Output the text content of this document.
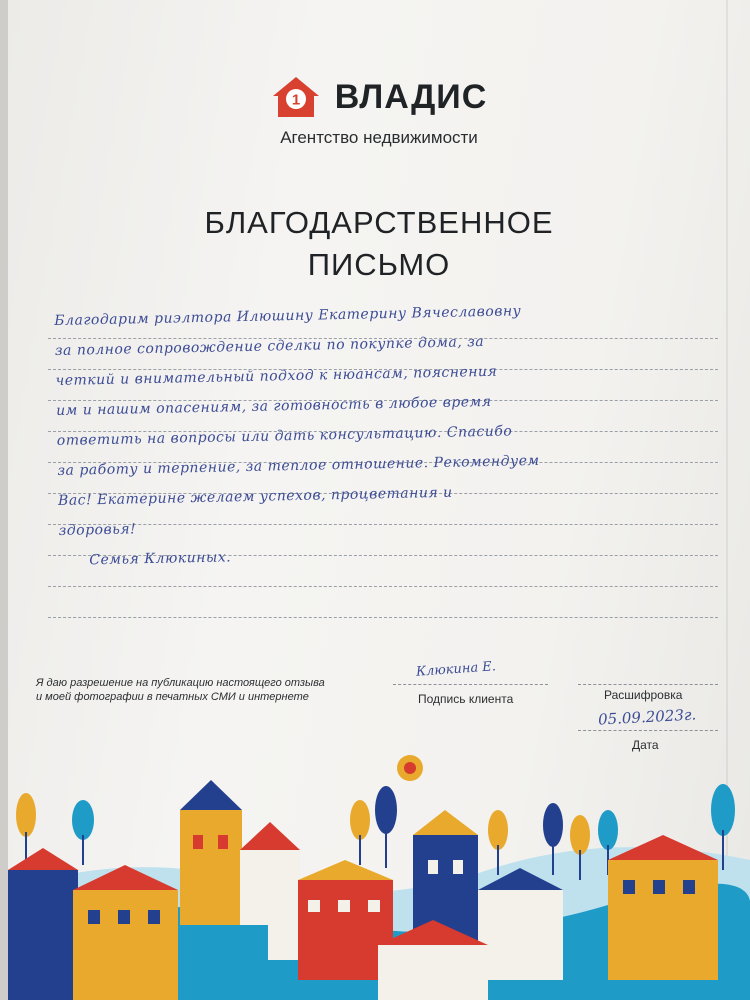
1 ВЛАДИС
Агентство недвижимости
БЛАГОДАРСТВЕННОЕ
ПИСЬМО
Благодарим риэлтора Илюшину Екатерину Вячеславовну
за полное сопровождение сделки по покупке дома, за
четкий и внимательный подход к нюансам, пояснения
им и нашим опасениям, за готовность в любое время
ответить на вопросы или дать консультацию. Спасибо
за работу и терпение, за теплое отношение. Рекомендуем
Вас! Екатерине желаем успехов, процветания и
здоровья!
Семья Клюкиных.
Я даю разрешение на публикацию настоящего отзыва
и моей фотографии в печатных СМИ и интернете
Клюкина Е.
Подпись клиента	Расшифровка
05.09.2023г.
Дата
